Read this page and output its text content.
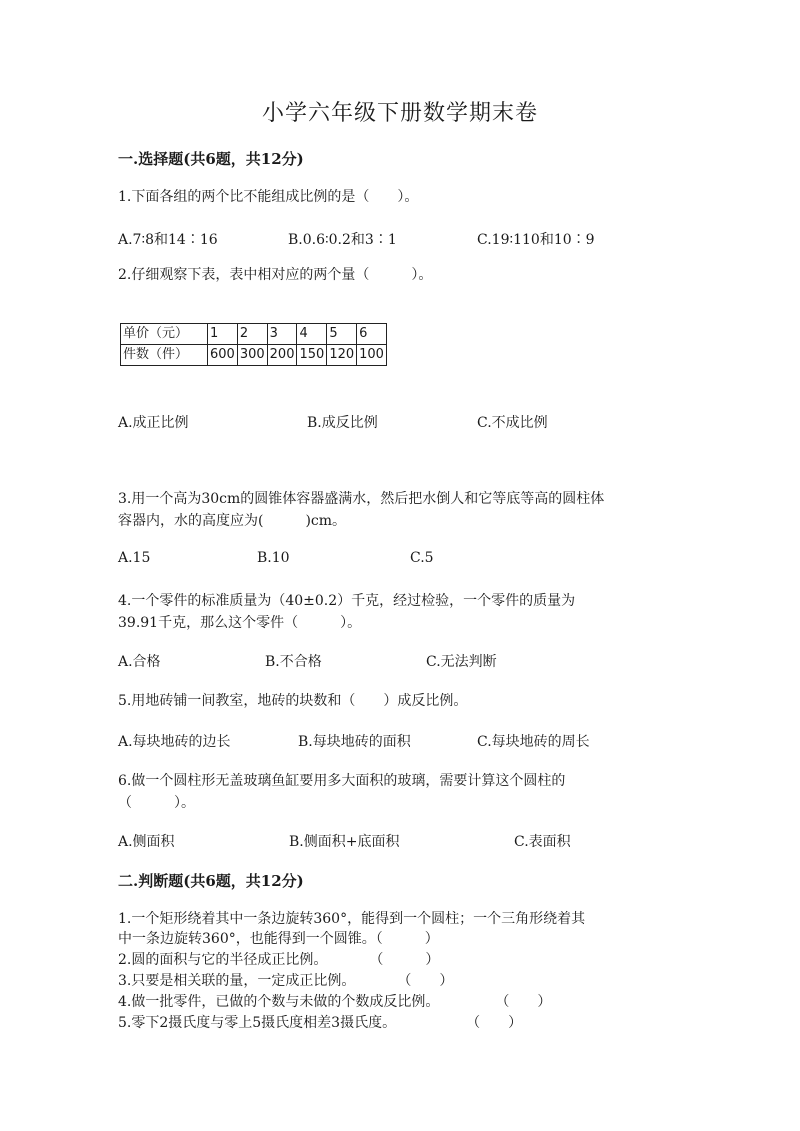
小学六年级下册数学期末卷
一.选择题(共6题，共12分)
1.下面各组的两个比不能组成比例的是（　　）。
A.7∶8和14∶16	B.0.6∶0.2和3∶1	C.19∶110和10∶9
2.仔细观察下表，表中相对应的两个量（　　　）。
单价（元）	1	2	3	4	5	6
件数（件）	600	300	200	150	120	100
A.成正比例	B.成反比例	C.不成比例
3.用一个高为30cm的圆锥体容器盛满水，然后把水倒人和它等底等高的圆柱体
容器内，水的高度应为(　　　)cm。
A.15	B.10	C.5
4.一个零件的标准质量为（40±0.2）千克，经过检验，一个零件的质量为
39.91千克，那么这个零件（　　　）。
A.合格	B.不合格	C.无法判断
5.用地砖铺一间教室，地砖的块数和（　　）成反比例。
A.每块地砖的边长	B.每块地砖的面积	C.每块地砖的周长
6.做一个圆柱形无盖玻璃鱼缸要用多大面积的玻璃，需要计算这个圆柱的
（　　　）。
A.侧面积	B.侧面积+底面积	C.表面积
二.判断题(共6题，共12分)
1.一个矩形绕着其中一条边旋转360°，能得到一个圆柱；一个三角形绕着其
中一条边旋转360°，也能得到一个圆锥。（　　　）
2.圆的面积与它的半径成正比例。　　　　（　　　）
3.只要是相关联的量，一定成正比例。　　　　（　　）
4.做一批零件，已做的个数与未做的个数成反比例。　　　　　（　　）
5.零下2摄氏度与零上5摄氏度相差3摄氏度。　　　　　　（　　）
